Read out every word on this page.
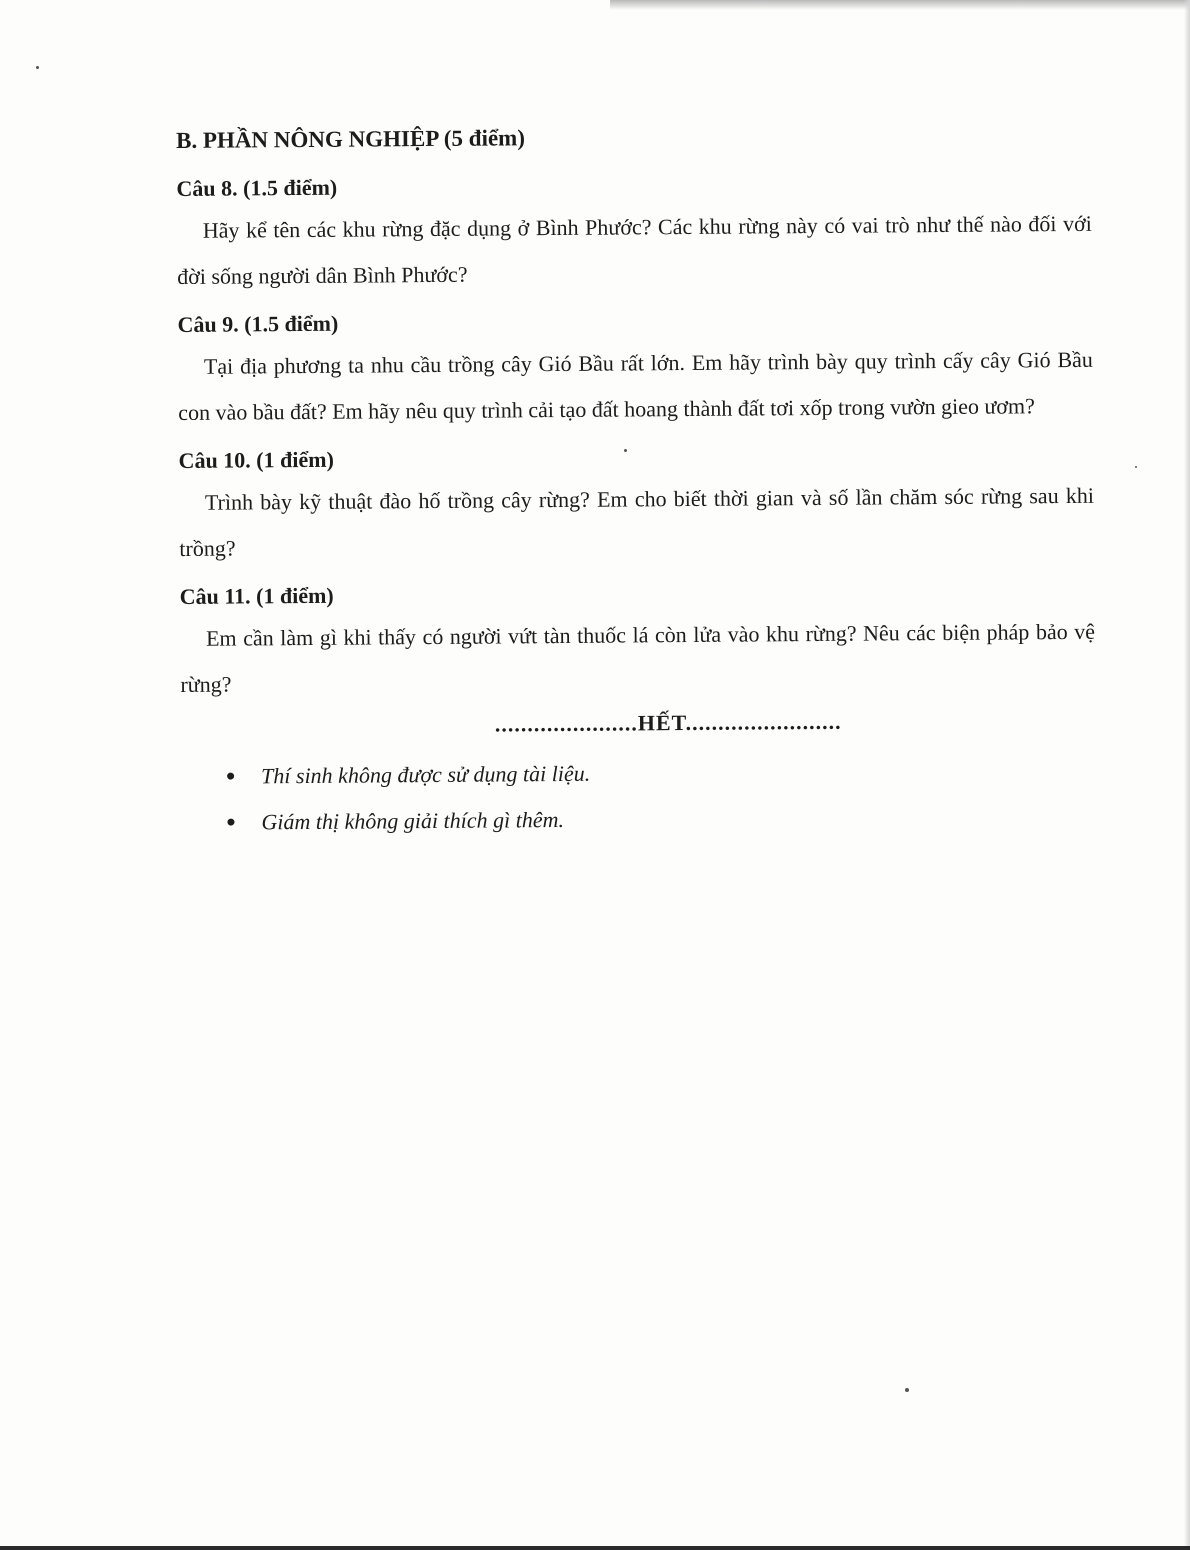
B. PHẦN NÔNG NGHIỆP (5 điểm)
Câu 8. (1.5 điểm)

Hãy kể tên các khu rừng đặc dụng ở Bình Phước? Các khu rừng này có vai trò như thế nào đối với đời sống người dân Bình Phước?

Câu 9. (1.5 điểm)

Tại địa phương ta nhu cầu trồng cây Gió Bầu rất lớn. Em hãy trình bày quy trình cấy cây Gió Bầu con vào bầu đất? Em hãy nêu quy trình cải tạo đất hoang thành đất tơi xốp trong vườn gieo ươm?

Câu 10. (1 điểm)

Trình bày kỹ thuật đào hố trồng cây rừng? Em cho biết thời gian và số lần chăm sóc rừng sau khi trồng?

Câu 11. (1 điểm)

Em cần làm gì khi thấy có người vứt tàn thuốc lá còn lửa vào khu rừng? Nêu các biện pháp bảo vệ rừng?

......................HẾT........................
Thí sinh không được sử dụng tài liệu.
Giám thị không giải thích gì thêm.
